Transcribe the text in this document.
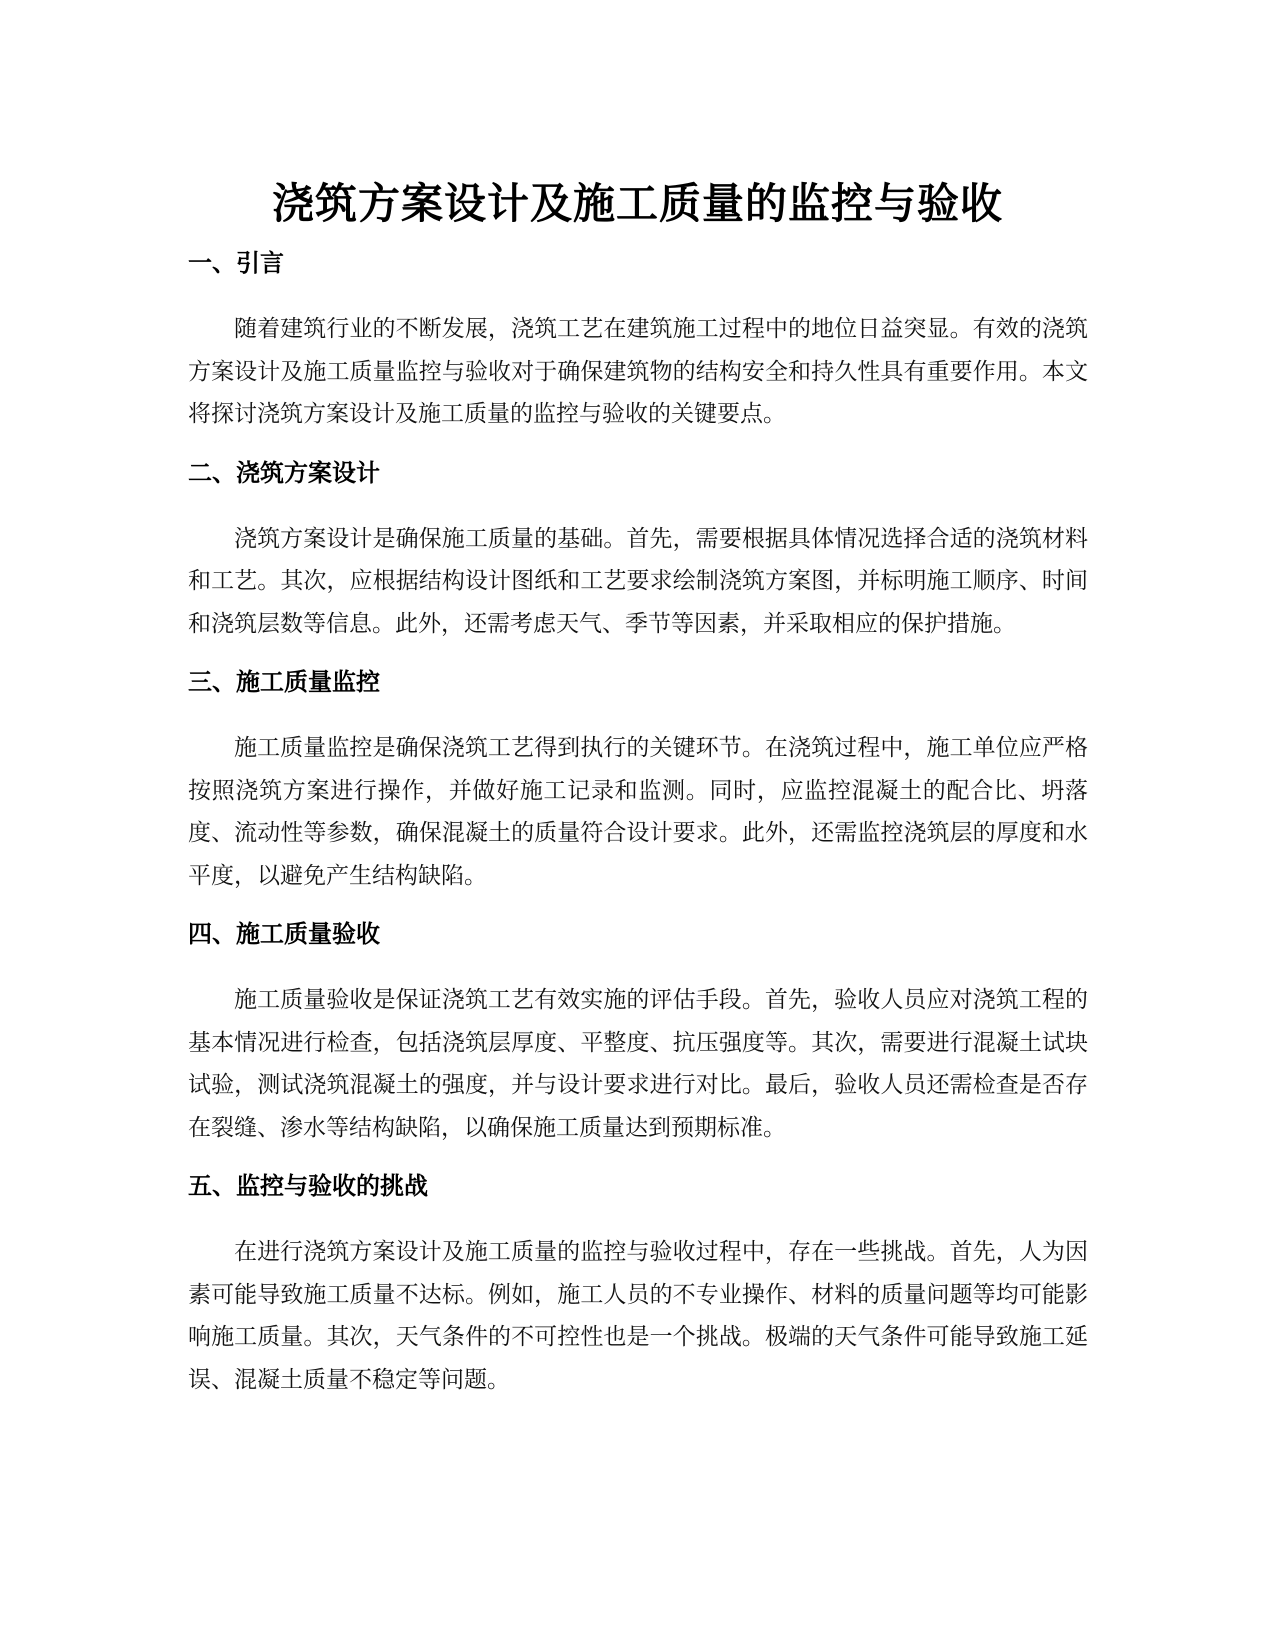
浇筑方案设计及施工质量的监控与验收
一、引言

随着建筑行业的不断发展，浇筑工艺在建筑施工过程中的地位日益突显。有效的浇筑方案设计及施工质量监控与验收对于确保建筑物的结构安全和持久性具有重要作用。本文将探讨浇筑方案设计及施工质量的监控与验收的关键要点。

二、浇筑方案设计

浇筑方案设计是确保施工质量的基础。首先，需要根据具体情况选择合适的浇筑材料和工艺。其次，应根据结构设计图纸和工艺要求绘制浇筑方案图，并标明施工顺序、时间和浇筑层数等信息。此外，还需考虑天气、季节等因素，并采取相应的保护措施。

三、施工质量监控

施工质量监控是确保浇筑工艺得到执行的关键环节。在浇筑过程中，施工单位应严格按照浇筑方案进行操作，并做好施工记录和监测。同时，应监控混凝土的配合比、坍落度、流动性等参数，确保混凝土的质量符合设计要求。此外，还需监控浇筑层的厚度和水平度，以避免产生结构缺陷。

四、施工质量验收

施工质量验收是保证浇筑工艺有效实施的评估手段。首先，验收人员应对浇筑工程的基本情况进行检查，包括浇筑层厚度、平整度、抗压强度等。其次，需要进行混凝土试块试验，测试浇筑混凝土的强度，并与设计要求进行对比。最后，验收人员还需检查是否存在裂缝、渗水等结构缺陷，以确保施工质量达到预期标准。

五、监控与验收的挑战

在进行浇筑方案设计及施工质量的监控与验收过程中，存在一些挑战。首先，人为因素可能导致施工质量不达标。例如，施工人员的不专业操作、材料的质量问题等均可能影响施工质量。其次，天气条件的不可控性也是一个挑战。极端的天气条件可能导致施工延误、混凝土质量不稳定等问题。
